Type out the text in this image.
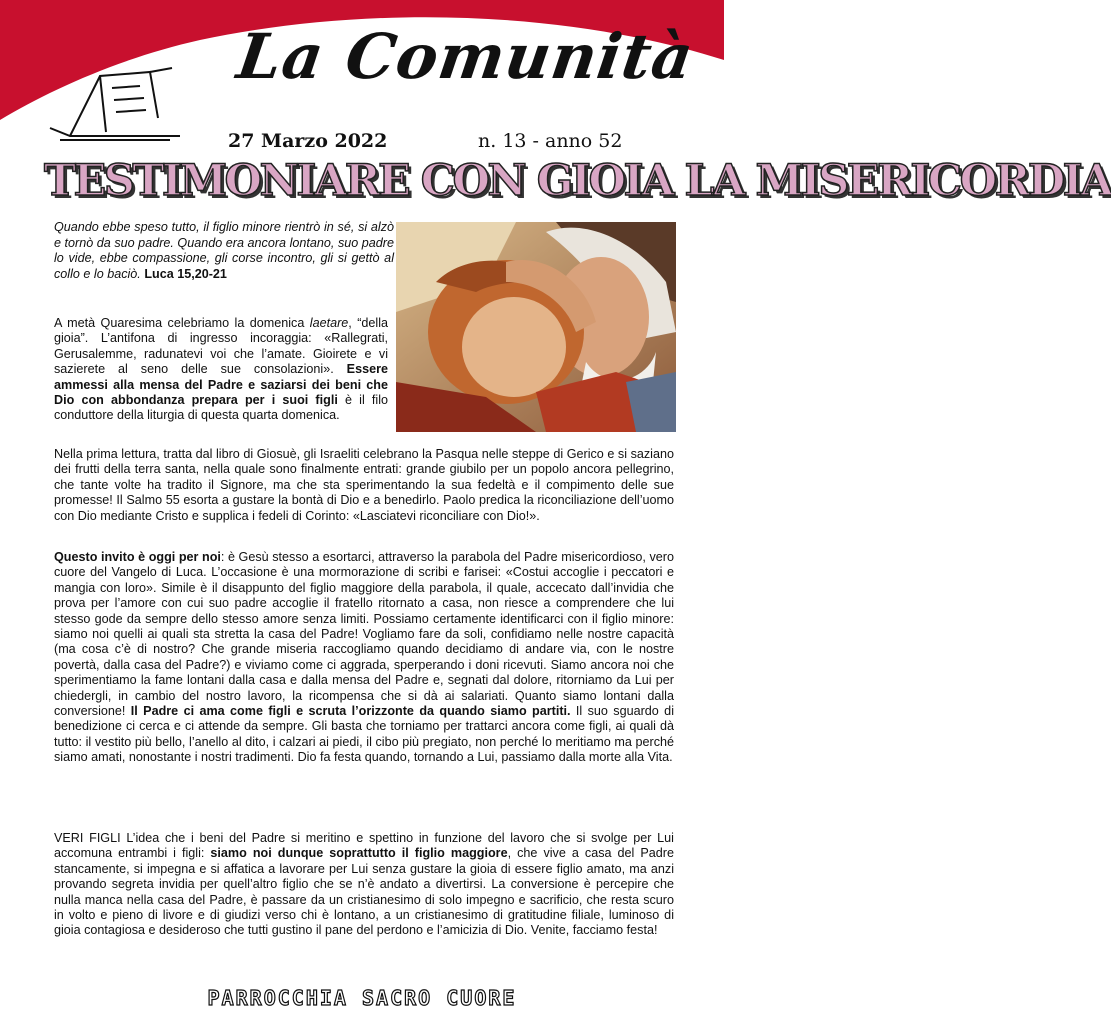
La Comunità
27 Marzo 2022	n. 13 - anno 52
TESTIMONIARE CON GIOIA LA MISERICORDIA
Quando ebbe speso tutto, il figlio minore rientrò in sé, si alzò e tornò da suo padre. Quando era ancora lontano, suo padre lo vide, ebbe compassione, gli corse incontro, gli si gettò al collo e lo baciò. Luca 15,20-21
A metà Quaresima celebriamo la domenica laetare, “della gioia”. L’antifona di ingresso incoraggia: «Rallegrati, Gerusalemme, radunatevi voi che l’amate. Gioirete e vi sazierete al seno delle sue consolazioni». Essere ammessi alla mensa del Padre e saziarsi dei beni che Dio con abbondanza prepara per i suoi figli è il filo conduttore della liturgia di questa quarta domenica.
Nella prima lettura, tratta dal libro di Giosuè, gli Israeliti celebrano la Pasqua nelle steppe di Gerico e si saziano dei frutti della terra santa, nella quale sono finalmente entrati: grande giubilo per un popolo ancora pellegrino, che tante volte ha tradito il Signore, ma che sta sperimentando la sua fedeltà e il compimento delle sue promesse! Il Salmo 55 esorta a gustare la bontà di Dio e a benedirlo. Paolo predica la riconciliazione dell’uomo con Dio mediante Cristo e supplica i fedeli di Corinto: «Lasciatevi riconciliare con Dio!».
Questo invito è oggi per noi: è Gesù stesso a esortarci, attraverso la parabola del Padre misericordioso, vero cuore del Vangelo di Luca. L’occasione è una mormorazione di scribi e farisei: «Costui accoglie i peccatori e mangia con loro». Simile è il disappunto del figlio maggiore della parabola, il quale, accecato dall’invidia che prova per l’amore con cui suo padre accoglie il fratello ritornato a casa, non riesce a comprendere che lui stesso gode da sempre dello stesso amore senza limiti. Possiamo certamente identificarci con il figlio minore: siamo noi quelli ai quali sta stretta la casa del Padre! Vogliamo fare da soli, confidiamo nelle nostre capacità (ma cosa c’è di nostro? Che grande miseria raccogliamo quando decidiamo di andare via, con le nostre povertà, dalla casa del Padre?) e viviamo come ci aggrada, sperperando i doni ricevuti. Siamo ancora noi che sperimentiamo la fame lontani dalla casa e dalla mensa del Padre e, segnati dal dolore, ritorniamo da Lui per chiedergli, in cambio del nostro lavoro, la ricompensa che si dà ai salariati. Quanto siamo lontani dalla conversione! Il Padre ci ama come figli e scruta l’orizzonte da quando siamo partiti. Il suo sguardo di benedizione ci cerca e ci attende da sempre. Gli basta che torniamo per trattarci ancora come figli, ai quali dà tutto: il vestito più bello, l’anello al dito, i calzari ai piedi, il cibo più pregiato, non perché lo meritiamo ma perché siamo amati, nonostante i nostri tradimenti. Dio fa festa quando, tornando a Lui, passiamo dalla morte alla Vita.
VERI FIGLI L’idea che i beni del Padre si meritino e spettino in funzione del lavoro che si svolge per Lui accomuna entrambi i figli: siamo noi dunque soprattutto il figlio maggiore, che vive a casa del Padre stancamente, si impegna e si affatica a lavorare per Lui senza gustare la gioia di essere figlio amato, ma anzi provando segreta invidia per quell’altro figlio che se n’è andato a divertirsi. La conversione è percepire che nulla manca nella casa del Padre, è passare da un cristianesimo di solo impegno e sacrificio, che resta scuro in volto e pieno di livore e di giudizi verso chi è lontano, a un cristianesimo di gratitudine filiale, luminoso di gioia contagiosa e desideroso che tutti gustino il pane del perdono e l’amicizia di Dio. Venite, facciamo festa!
PARROCCHIA SACRO CUORE
